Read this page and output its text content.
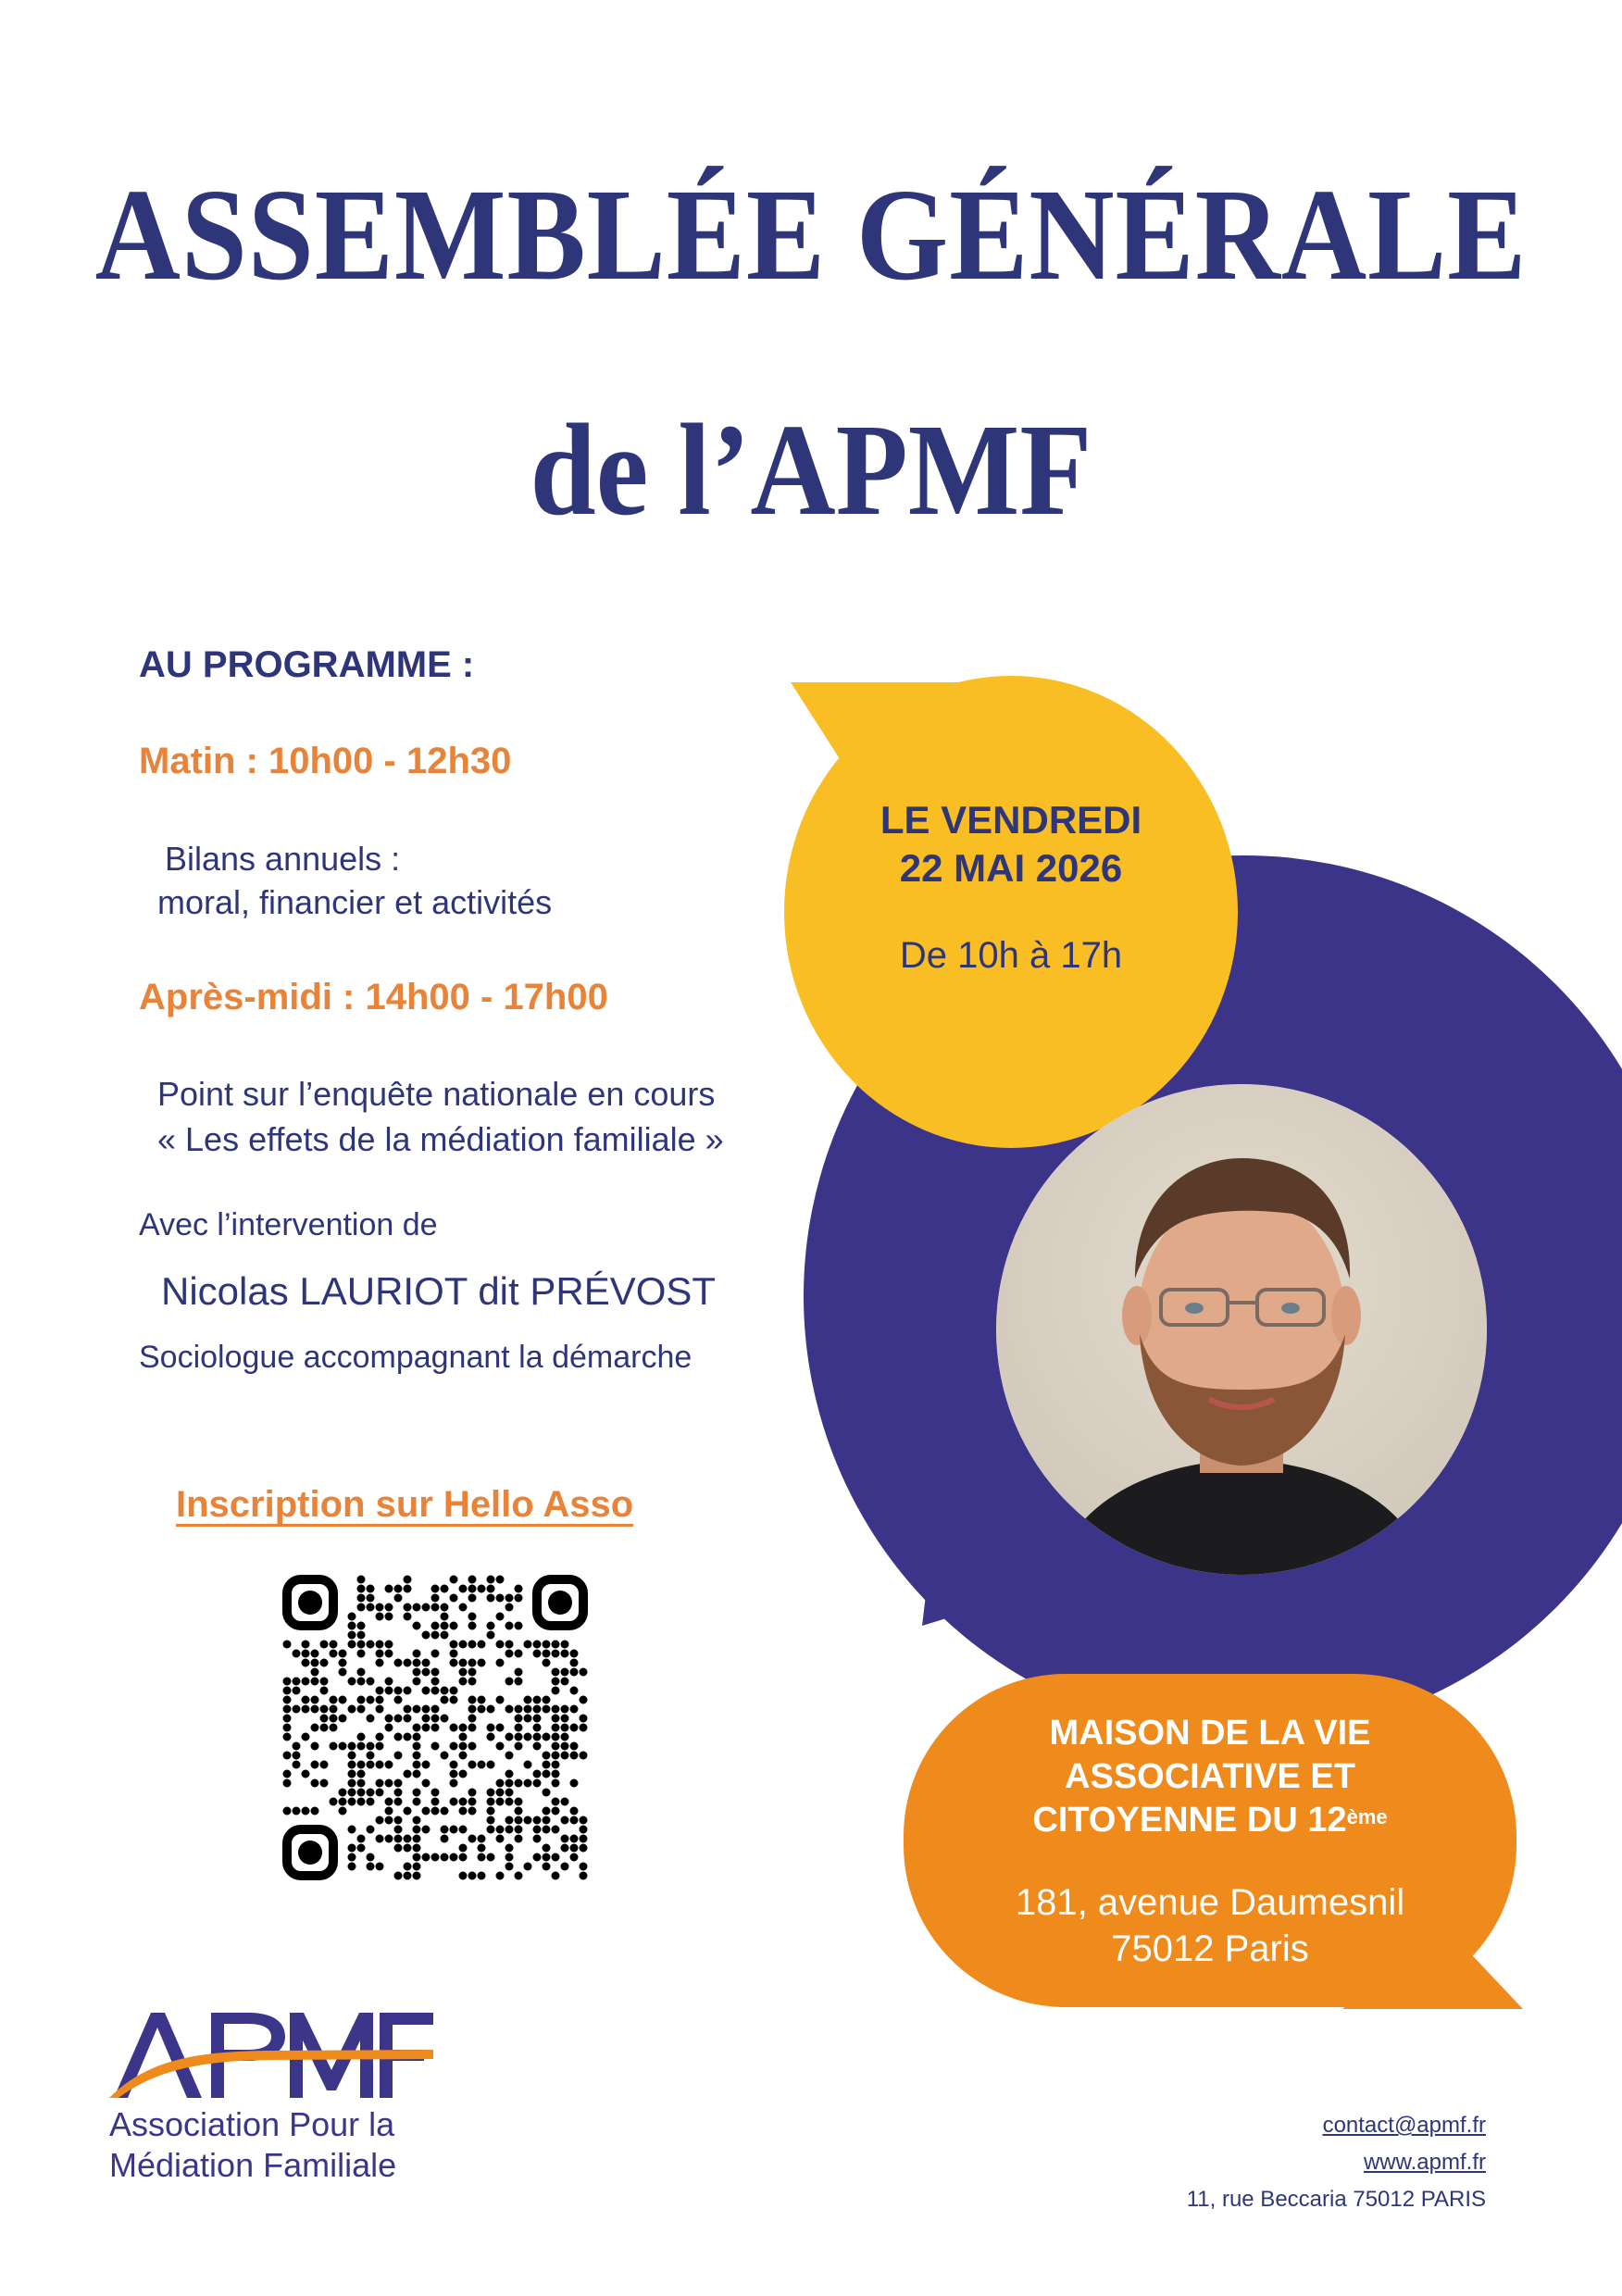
ASSEMBLÉE GÉNÉRALE
de l’APMF
AU PROGRAMME :
Matin : 10h00 - 12h30
Bilans annuels :
moral, financier et activités
Après-midi : 14h00 - 17h00
Point sur l’enquête nationale en cours
« Les effets de la médiation familiale »
Avec l’intervention de
Nicolas LAURIOT dit PRÉVOST
Sociologue accompagnant la démarche
Inscription sur Hello Asso
LE VENDREDI
22 MAI 2026
De 10h à 17h
MAISON DE LA VIE
ASSOCIATIVE ET
CITOYENNE DU 12ème
181, avenue Daumesnil
75012 Paris
Association Pour la
Médiation Familiale
contact@apmf.fr
www.apmf.fr
11, rue Beccaria 75012 PARIS
